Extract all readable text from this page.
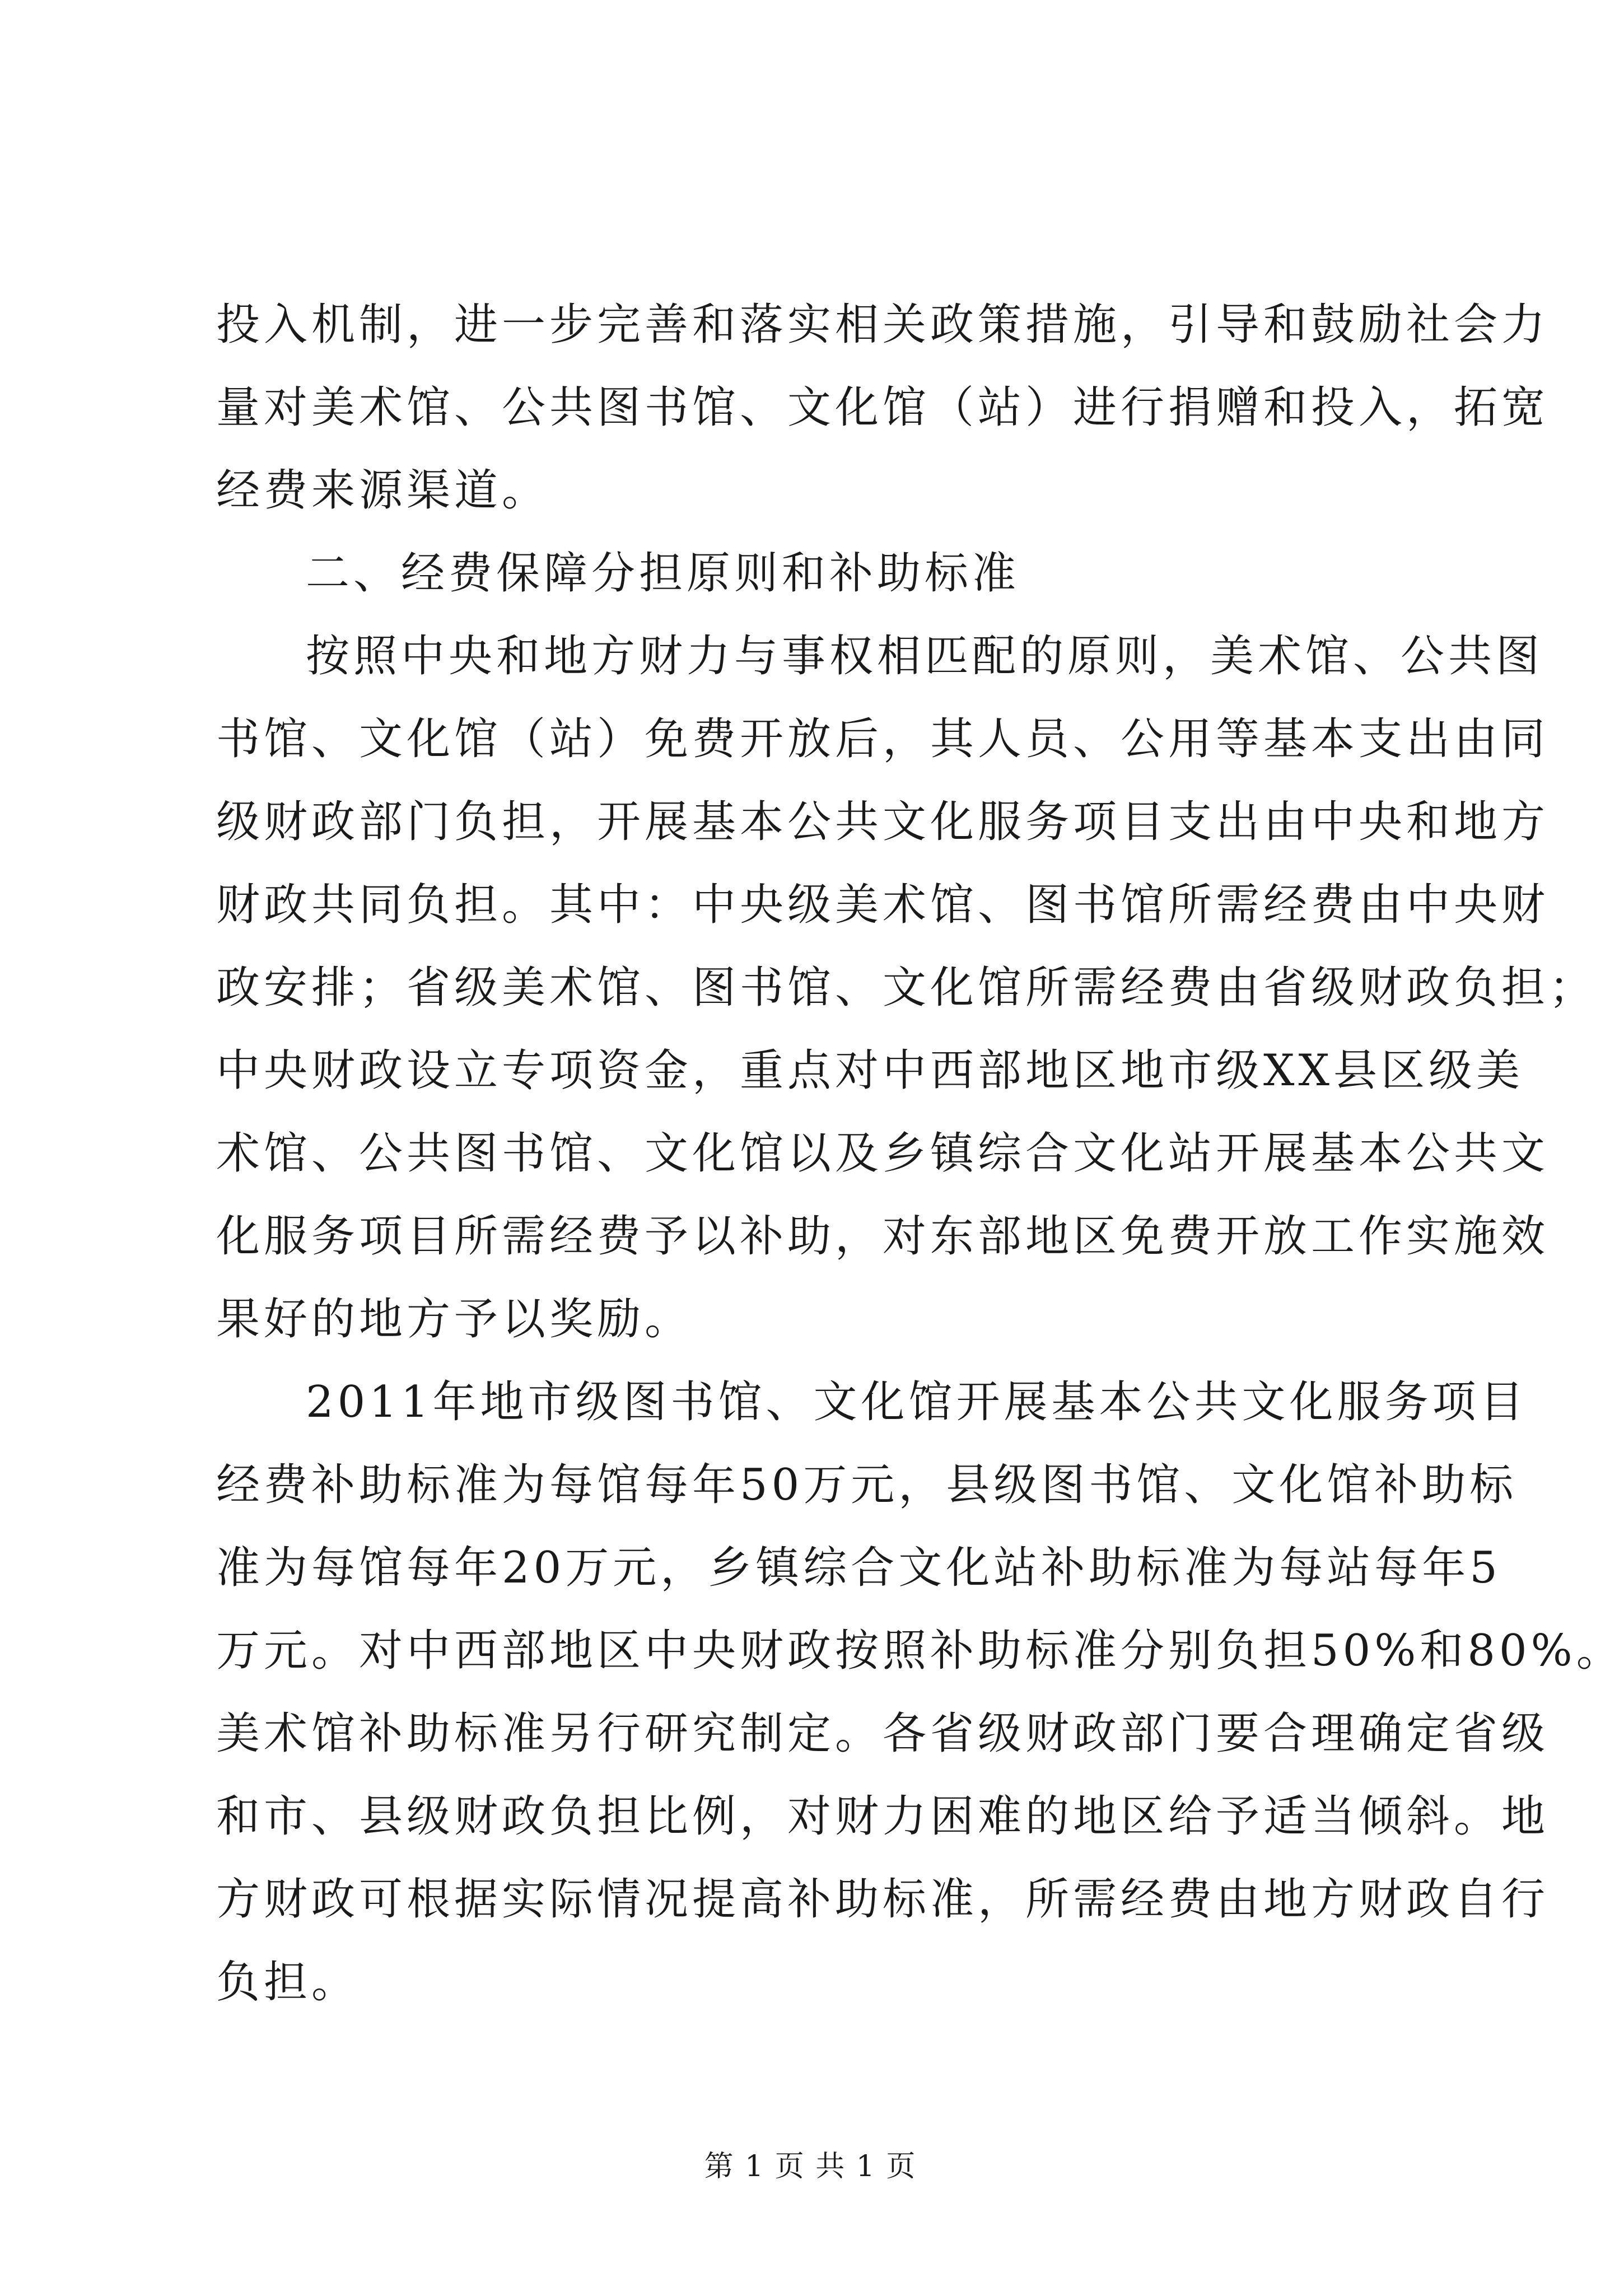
投入机制，进一步完善和落实相关政策措施，引导和鼓励社会力
量对美术馆、公共图书馆、文化馆（站）进行捐赠和投入，拓宽
经费来源渠道。
二、经费保障分担原则和补助标准
按照中央和地方财力与事权相匹配的原则，美术馆、公共图
书馆、文化馆（站）免费开放后，其人员、公用等基本支出由同
级财政部门负担，开展基本公共文化服务项目支出由中央和地方
财政共同负担。其中：中央级美术馆、图书馆所需经费由中央财
政安排；省级美术馆、图书馆、文化馆所需经费由省级财政负担；
中央财政设立专项资金，重点对中西部地区地市级XX县区级美
术馆、公共图书馆、文化馆以及乡镇综合文化站开展基本公共文
化服务项目所需经费予以补助，对东部地区免费开放工作实施效
果好的地方予以奖励。
2011年地市级图书馆、文化馆开展基本公共文化服务项目
经费补助标准为每馆每年50万元，县级图书馆、文化馆补助标
准为每馆每年20万元，乡镇综合文化站补助标准为每站每年5
万元。对中西部地区中央财政按照补助标准分别负担50%和80%。
美术馆补助标准另行研究制定。各省级财政部门要合理确定省级
和市、县级财政负担比例，对财力困难的地区给予适当倾斜。地
方财政可根据实际情况提高补助标准，所需经费由地方财政自行
负担。
第 1 页 共 1 页
